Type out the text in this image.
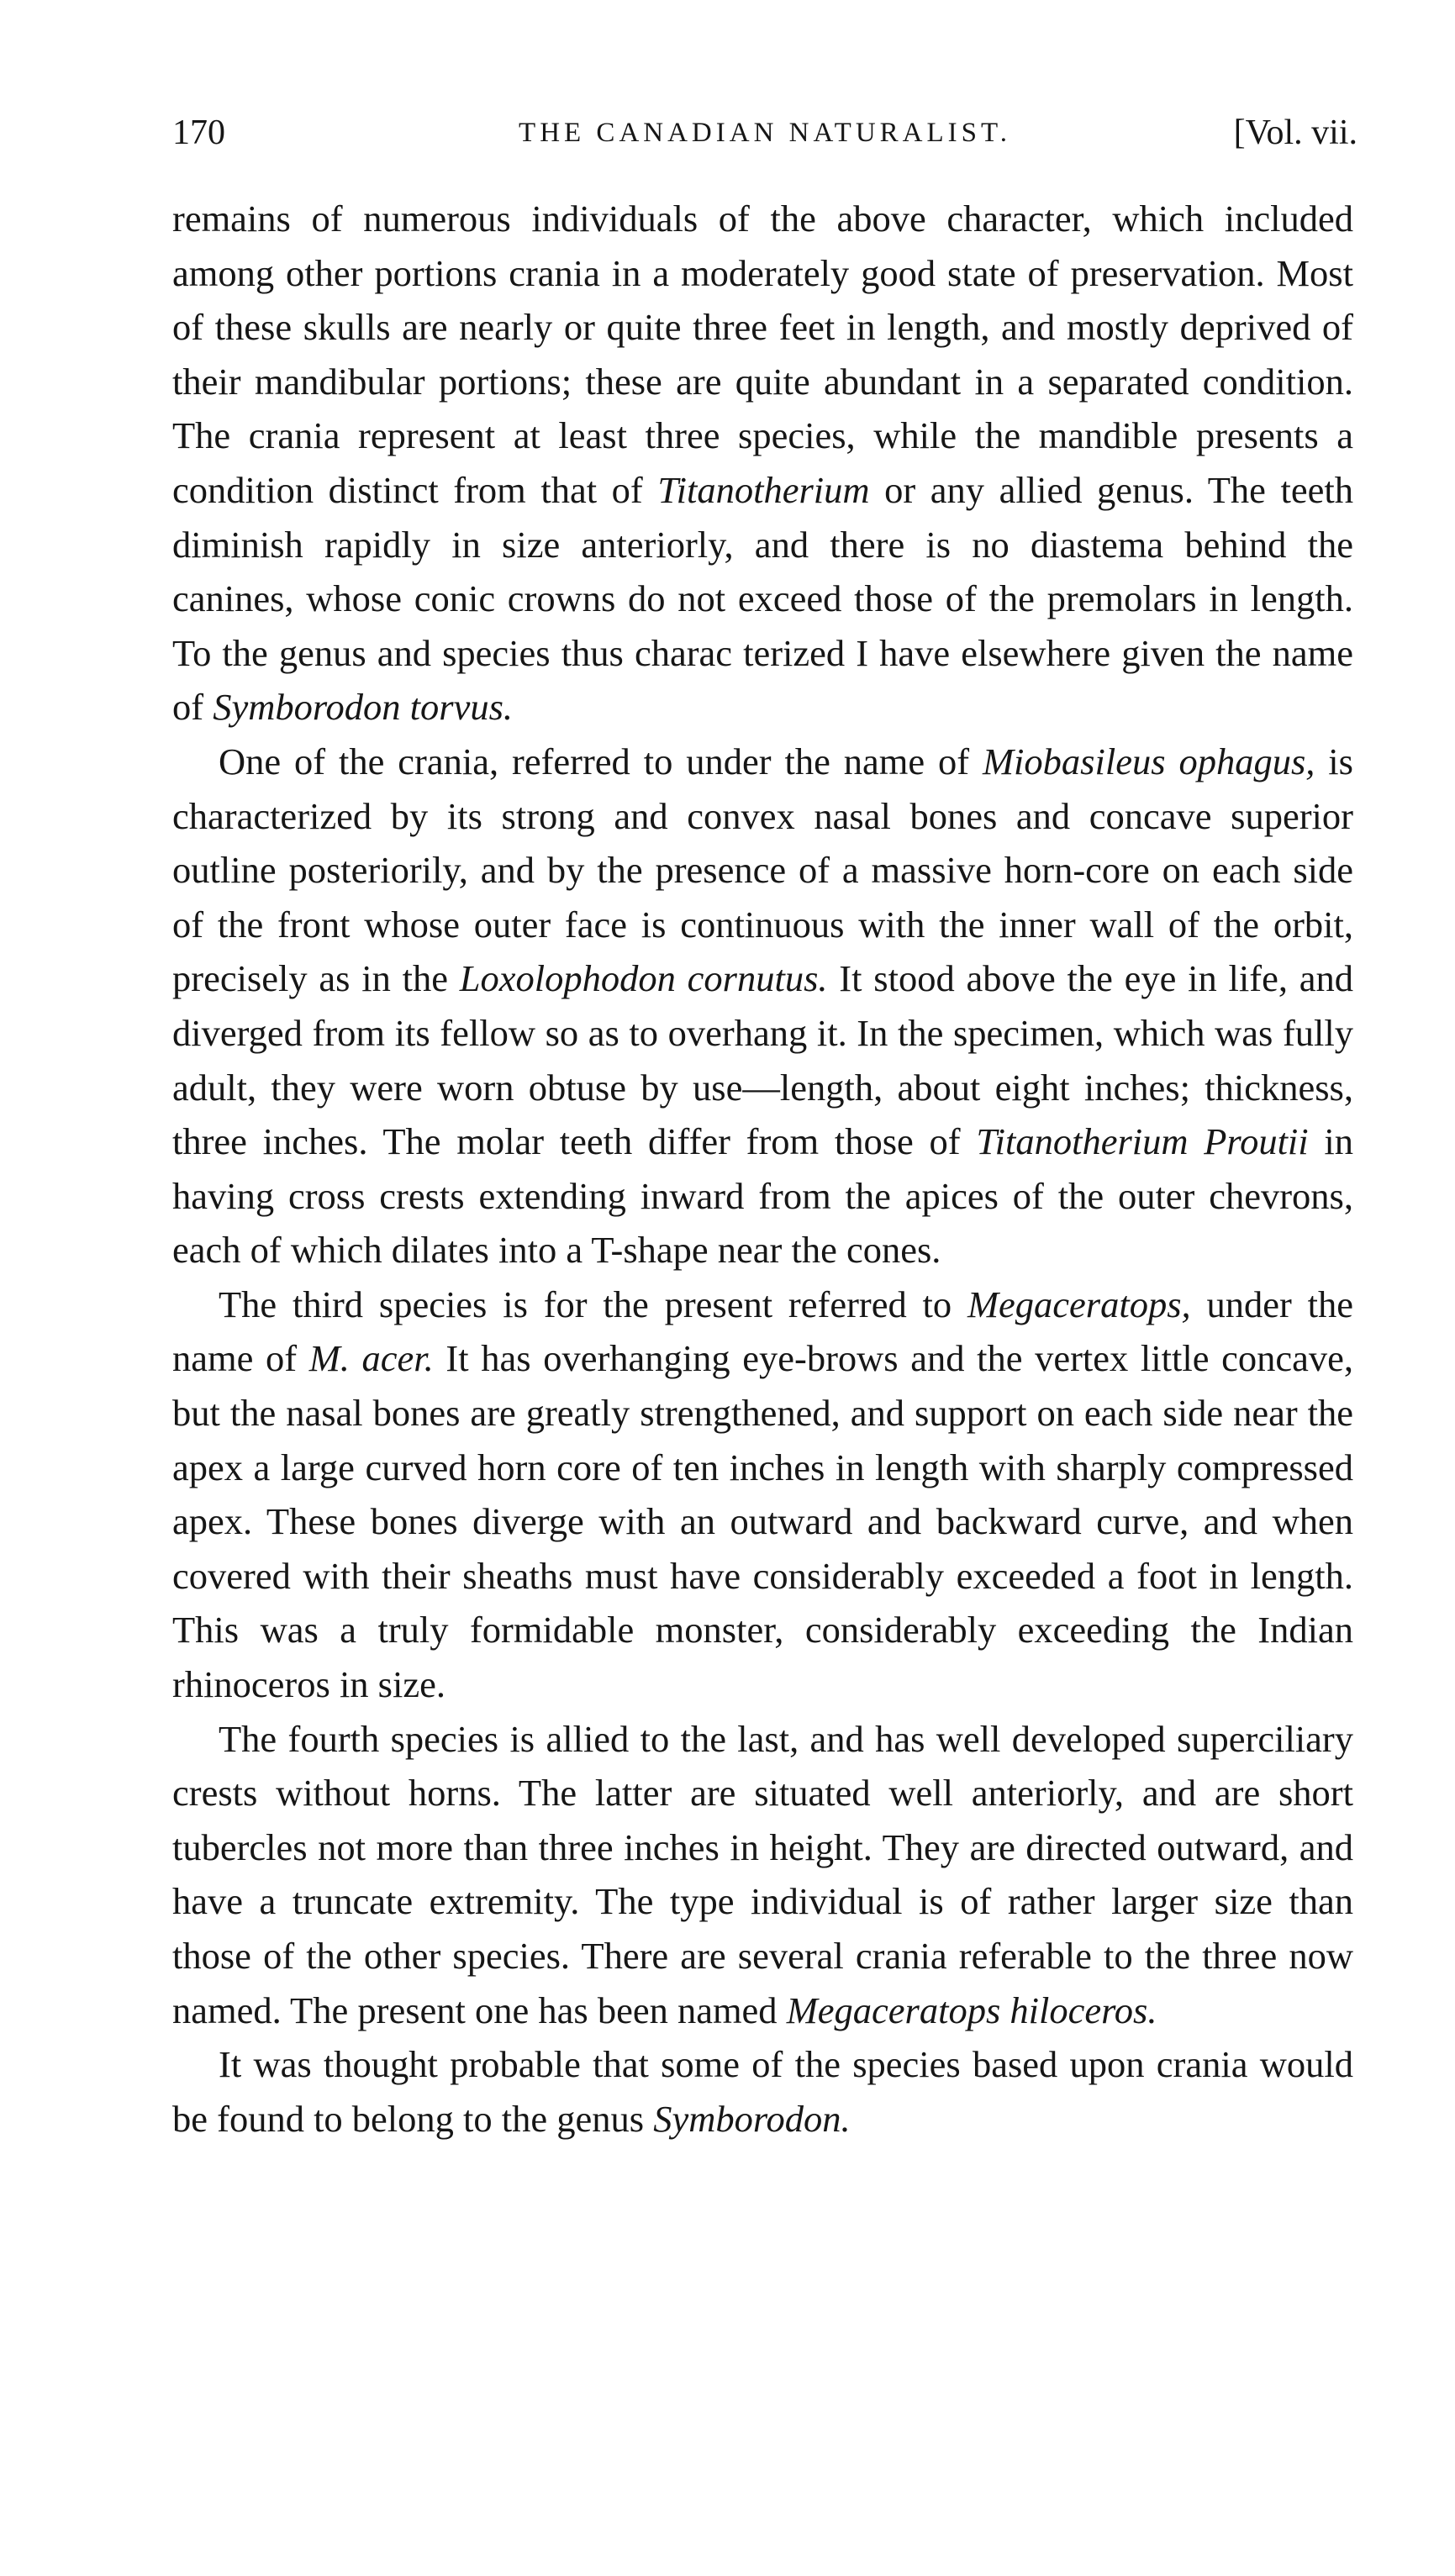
170	THE CANADIAN NATURALIST.	[Vol. vii.

remains of numerous individuals of the above character, which included among other portions crania in a moderately good state of preservation. Most of these skulls are nearly or quite three feet in length, and mostly deprived of their mandibular portions; these are quite abundant in a separated condition. The crania represent at least three species, while the mandible presents a condition distinct from that of Titanotherium or any allied genus. The teeth diminish rapidly in size anteriorly, and there is no diastema behind the canines, whose conic crowns do not exceed those of the premolars in length. To the genus and species thus charac terized I have elsewhere given the name of Symborodon torvus.

One of the crania, referred to under the name of Miobasileus ophagus, is characterized by its strong and convex nasal bones and concave superior outline posteriorily, and by the presence of a massive horn-core on each side of the front whose outer face is continuous with the inner wall of the orbit, precisely as in the Loxolophodon cornutus. It stood above the eye in life, and diverged from its fellow so as to overhang it. In the specimen, which was fully adult, they were worn obtuse by use—length, about eight inches; thickness, three inches. The molar teeth differ from those of Titanotherium Proutii in having cross crests extending inward from the apices of the outer chevrons, each of which dilates into a T-shape near the cones.

The third species is for the present referred to Megaceratops, under the name of M. acer. It has overhanging eye-brows and the vertex little concave, but the nasal bones are greatly strengthened, and support on each side near the apex a large curved horn core of ten inches in length with sharply compressed apex. These bones diverge with an outward and backward curve, and when covered with their sheaths must have considerably exceeded a foot in length. This was a truly formidable monster, considerably exceeding the Indian rhinoceros in size.

The fourth species is allied to the last, and has well developed superciliary crests without horns. The latter are situated well anteriorly, and are short tubercles not more than three inches in height. They are directed outward, and have a truncate extremity. The type individual is of rather larger size than those of the other species. There are several crania referable to the three now named. The present one has been named Megaceratops hiloceros.

It was thought probable that some of the species based upon crania would be found to belong to the genus Symborodon.
